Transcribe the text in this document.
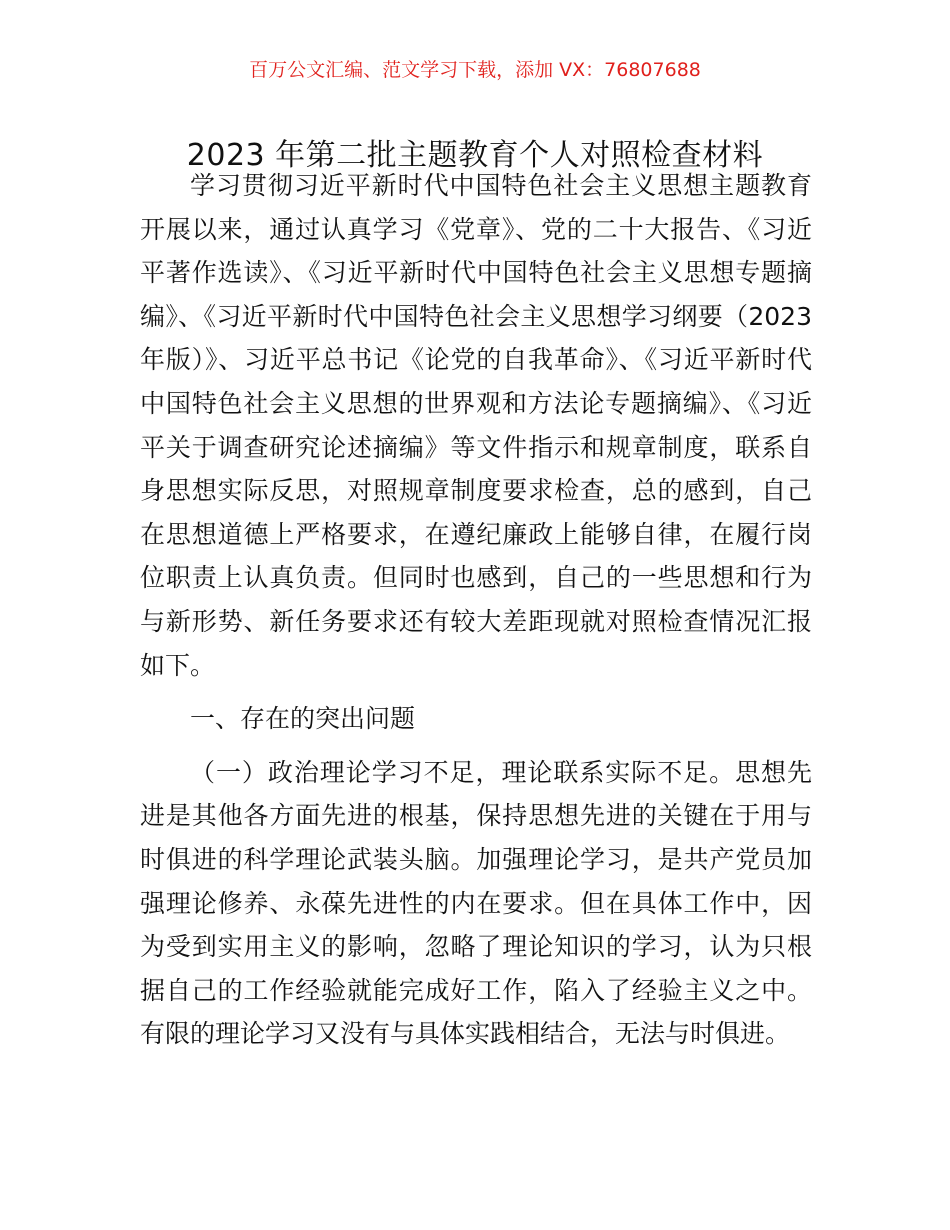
百万公文汇编、范文学习下载，添加 VX：76807688
2023 年第二批主题教育个人对照检查材料

学习贯彻习近平新时代中国特色社会主义思想主题教育开展以来，通过认真学习《党章》、党的二十大报告、《习近平著作选读》、《习近平新时代中国特色社会主义思想专题摘编》、《习近平新时代中国特色社会主义思想学习纲要（2023 年版）》、习近平总书记《论党的自我革命》、《习近平新时代中国特色社会主义思想的世界观和方法论专题摘编》、《习近平关于调查研究论述摘编》等文件指示和规章制度，联系自身思想实际反思，对照规章制度要求检查，总的感到，自己在思想道德上严格要求，在遵纪廉政上能够自律，在履行岗位职责上认真负责。但同时也感到，自己的一些思想和行为与新形势、新任务要求还有较大差距现就对照检查情况汇报如下。

一、存在的突出问题

（一）政治理论学习不足，理论联系实际不足。思想先进是其他各方面先进的根基，保持思想先进的关键在于用与时俱进的科学理论武装头脑。加强理论学习，是共产党员加强理论修养、永葆先进性的内在要求。但在具体工作中，因为受到实用主义的影响，忽略了理论知识的学习，认为只根据自己的工作经验就能完成好工作，陷入了经验主义之中。有限的理论学习又没有与具体实践相结合，无法与时俱进。
